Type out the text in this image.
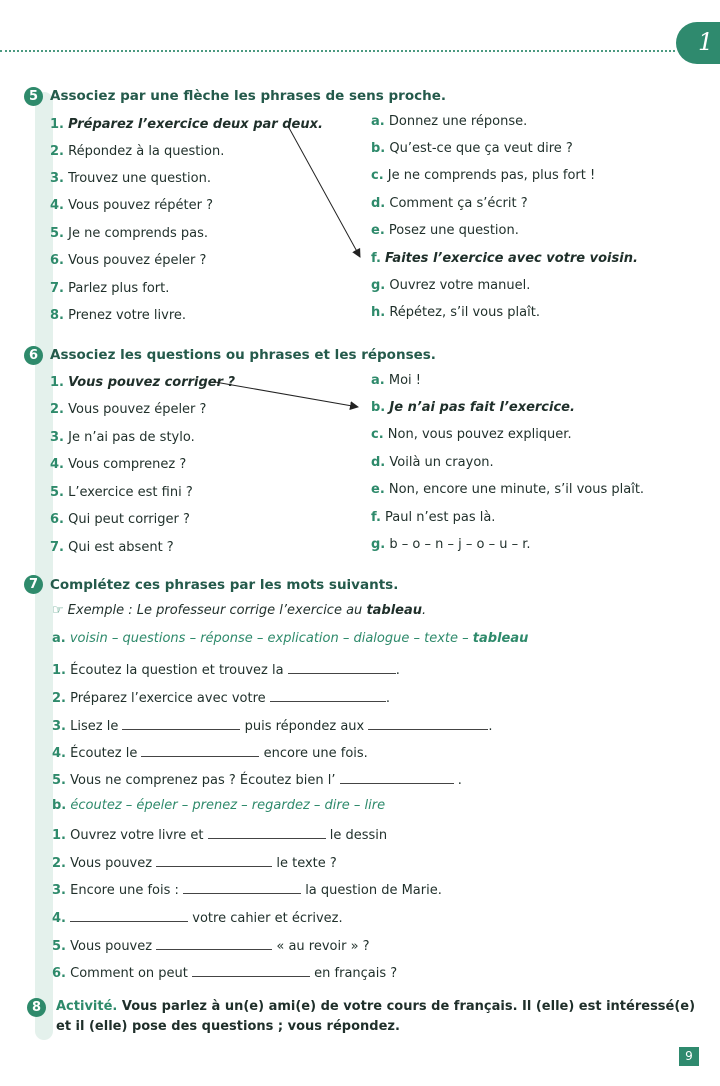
1
5 Associez par une flèche les phrases de sens proche.
1. Préparez l’exercice deux par deux.
2. Répondez à la question.
3. Trouvez une question.
4. Vous pouvez répéter ?
5. Je ne comprends pas.
6. Vous pouvez épeler ?
7. Parlez plus fort.
8. Prenez votre livre.
a. Donnez une réponse.
b. Qu’est-ce que ça veut dire ?
c. Je ne comprends pas, plus fort !
d. Comment ça s’écrit ?
e. Posez une question.
f. Faites l’exercice avec votre voisin.
g. Ouvrez votre manuel.
h. Répétez, s’il vous plaît.
6 Associez les questions ou phrases et les réponses.
1. Vous pouvez corriger ?
2. Vous pouvez épeler ?
3. Je n’ai pas de stylo.
4. Vous comprenez ?
5. L’exercice est fini ?
6. Qui peut corriger ?
7. Qui est absent ?
a. Moi !
b. Je n’ai pas fait l’exercice.
c. Non, vous pouvez expliquer.
d. Voilà un crayon.
e. Non, encore une minute, s’il vous plaît.
f. Paul n’est pas là.
g. b – o – n – j – o – u – r.
7 Complétez ces phrases par les mots suivants.
☞ Exemple : Le professeur corrige l’exercice au tableau.
a. voisin – questions – réponse – explication – dialogue – texte – tableau
1. Écoutez la question et trouvez la	.
2. Préparez l’exercice avec votre	.
3. Lisez le	puis répondez aux	.
4. Écoutez le	encore une fois.
5. Vous ne comprenez pas ? Écoutez bien l’	.
b. écoutez – épeler – prenez – regardez – dire – lire
1. Ouvrez votre livre et	le dessin
2. Vous pouvez	le texte ?
3. Encore une fois :	la question de Marie.
4.	votre cahier et écrivez.
5. Vous pouvez	« au revoir » ?
6. Comment on peut	en français ?
8	Activité. Vous parlez à un(e) ami(e) de votre cours de français. Il (elle) est intéressé(e)
et il (elle) pose des questions ; vous répondez.
9
